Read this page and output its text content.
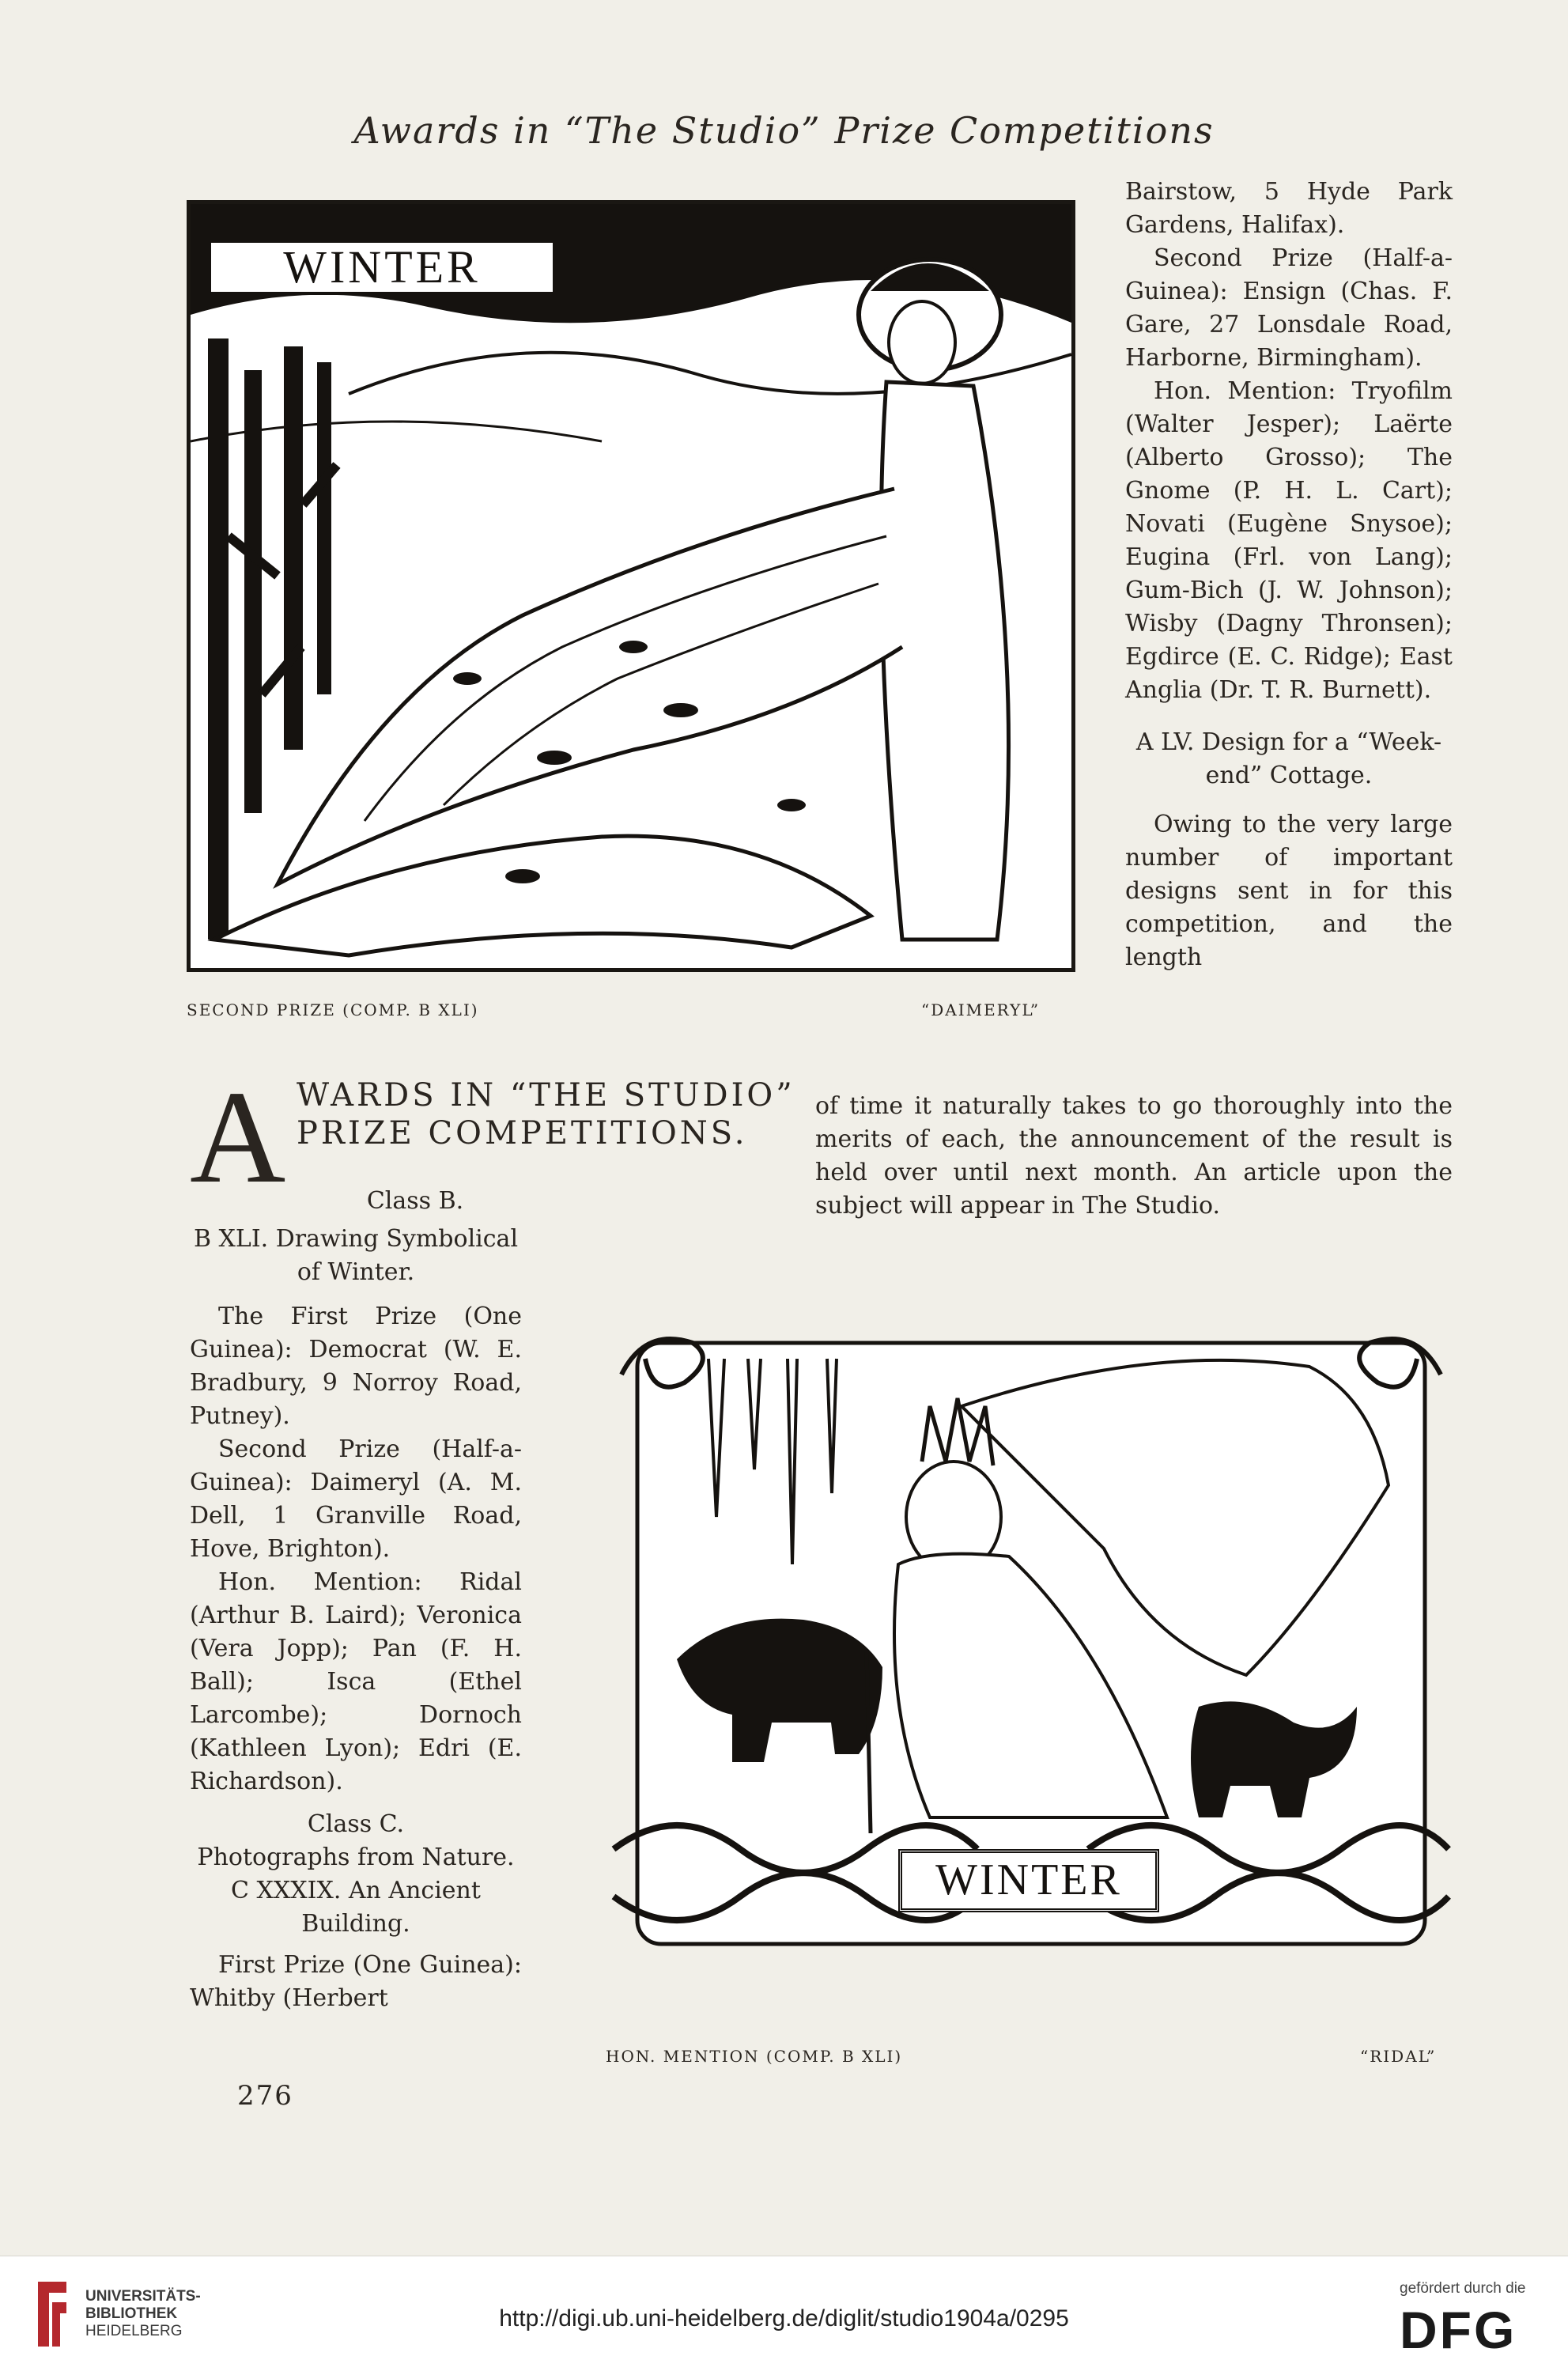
Awards in “The Studio” Prize Competitions
WINTER
SECOND PRIZE (COMP. B XLI)	“DAIMERYL”

Bairstow, 5 Hyde Park Gardens, Halifax).

Second Prize (Half-a-Guinea): Ensign (Chas. F. Gare, 27 Lonsdale Road, Harborne, Birmingham).

Hon. Mention: Tryofilm (Walter Jesper); Laërte (Alberto Grosso); The Gnome (P. H. L. Cart); Novati (Eugène Snysoe); Eugina (Frl. von Lang); Gum-Bich (J. W. Johnson); Wisby (Dagny Thronsen); Egdirce (E. C. Ridge); East Anglia (Dr. T. R. Burnett).

A LV. Design for a “Week-end” Cottage.

Owing to the very large number of important designs sent in for this competition, and the length

of time it naturally takes to go thoroughly into the merits of each, the announcement of the result is held over until next month. An article upon the subject will appear in The Studio.
A WARDS IN “THE STUDIO”
PRIZE COMPETITIONS.

Class B.

B XLI. Drawing Symbolical of Winter.

The First Prize (One Guinea): Democrat (W. E. Bradbury, 9 Norroy Road, Putney).

Second Prize (Half-a-Guinea): Daimeryl (A. M. Dell, 1 Granville Road, Hove, Brighton).

Hon. Mention: Ridal (Arthur B. Laird); Veronica (Vera Jopp); Pan (F. H. Ball); Isca (Ethel Larcombe); Dornoch (Kathleen Lyon); Edri (E. Richardson).

Class C.

Photographs from Nature.

C XXXIX. An Ancient Building.

First Prize (One Guinea): Whitby (Herbert

WINTER
HON. MENTION (COMP. B XLI)	“RIDAL”
276
UNIVERSITÄTS-
BIBLIOTHEK
HEIDELBERG	http://digi.ub.uni-heidelberg.de/diglit/studio1904a/0295
gefördert durch die
DFG
